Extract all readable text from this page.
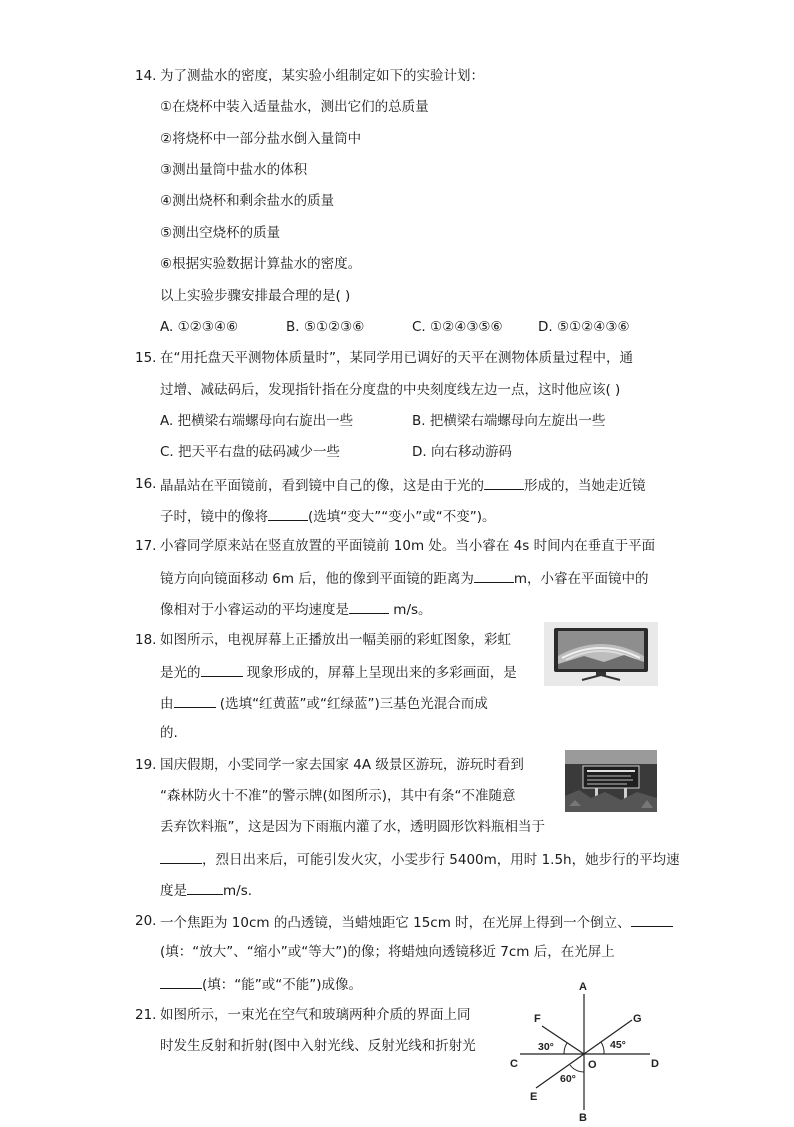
14. 为了测盐水的密度，某实验小组制定如下的实验计划：
①在烧杯中装入适量盐水，测出它们的总质量
②将烧杯中一部分盐水倒入量筒中
③测出量筒中盐水的体积
④测出烧杯和剩余盐水的质量
⑤测出空烧杯的质量
⑥根据实验数据计算盐水的密度。
以上实验步骤安排最合理的是( )
A. ①②③④⑥	B. ⑤①②③⑥	C. ①②④③⑤⑥	D. ⑤①②④③⑥
15. 在“用托盘天平测物体质量时”，某同学用已调好的天平在测物体质量过程中，通
过增、减砝码后，发现指针指在分度盘的中央刻度线左边一点，这时他应该( )
A. 把横梁右端螺母向右旋出一些	B. 把横梁右端螺母向左旋出一些
C. 把天平右盘的砝码减少一些	D. 向右移动游码
16. 晶晶站在平面镜前，看到镜中自己的像，这是由于光的	形成的，当她走近镜
子时，镜中的像将	(选填“变大”“变小”或“不变”)。
17. 小睿同学原来站在竖直放置的平面镜前 10m 处。当小睿在 4s 时间内在垂直于平面
镜方向向镜面移动 6m 后，他的像到平面镜的距离为	m，小睿在平面镜中的
像相对于小睿运动的平均速度是	m/s。
18. 如图所示，电视屏幕上正播放出一幅美丽的彩虹图象，彩虹
是光的	现象形成的，屏幕上呈现出来的多彩画面，是
由	(选填“红黄蓝”或“红绿蓝”)三基色光混合而成
的.
19. 国庆假期，小雯同学一家去国家 4A 级景区游玩，游玩时看到
“森林防火十不准”的警示牌(如图所示)，其中有条“不准随意
丢弃饮料瓶”，这是因为下雨瓶内灌了水，透明圆形饮料瓶相当于
，烈日出来后，可能引发火灾，小雯步行 5400m，用时 1.5h，她步行的平均速
度是	m/s.
20. 一个焦距为 10cm 的凸透镜，当蜡烛距它 15cm 时，在光屏上得到一个倒立、
(填：“放大”、“缩小”或“等大”)的像；将蜡烛向透镜移近 7cm 后，在光屏上
(填：“能”或“不能”)成像。
21. 如图所示，一束光在空气和玻璃两种介质的界面上同
时发生反射和折射(图中入射光线、反射光线和折射光
A
B
C	D
E
F	G
O
30°	45°
60°
